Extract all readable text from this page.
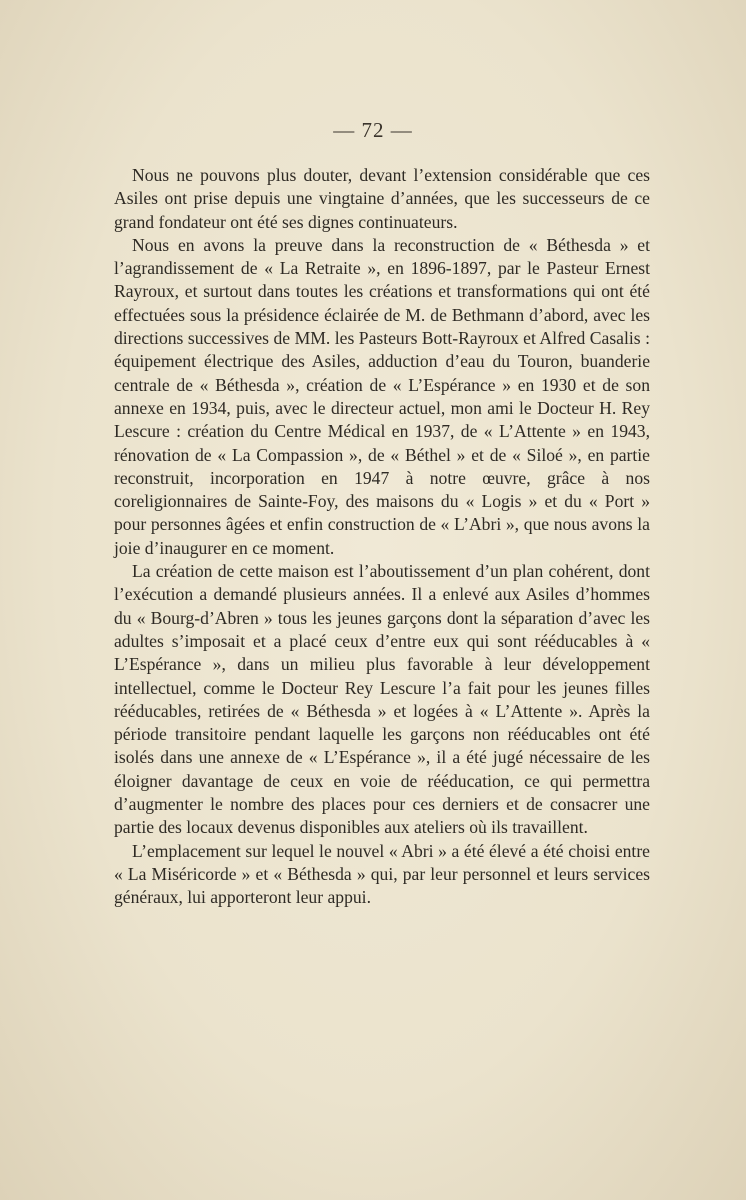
— 72 —

Nous ne pouvons plus douter, devant l’extension considérable que ces Asiles ont prise depuis une vingtaine d’années, que les successeurs de ce grand fondateur ont été ses dignes continuateurs.

Nous en avons la preuve dans la reconstruction de « Béthesda » et l’agrandissement de « La Retraite », en 1896-1897, par le Pasteur Ernest Rayroux, et surtout dans toutes les créations et transformations qui ont été effectuées sous la présidence éclairée de M. de Bethmann d’abord, avec les directions successives de MM. les Pasteurs Bott-Rayroux et Alfred Casalis : équipement électrique des Asiles, adduction d’eau du Touron, buanderie centrale de « Béthesda », création de « L’Espérance » en 1930 et de son annexe en 1934, puis, avec le directeur actuel, mon ami le Docteur H. Rey Lescure : création du Centre Médical en 1937, de « L’Attente » en 1943, rénovation de « La Compassion », de « Béthel » et de « Siloé », en partie reconstruit, incorporation en 1947 à notre œuvre, grâce à nos coreligionnaires de Sainte-Foy, des maisons du « Logis » et du « Port » pour personnes âgées et enfin construction de « L’Abri », que nous avons la joie d’inaugurer en ce moment.

La création de cette maison est l’aboutissement d’un plan cohérent, dont l’exécution a demandé plusieurs années. Il a enlevé aux Asiles d’hommes du « Bourg-d’Abren » tous les jeunes garçons dont la séparation d’avec les adultes s’imposait et a placé ceux d’entre eux qui sont rééducables à « L’Espérance », dans un milieu plus favorable à leur développement intellectuel, comme le Docteur Rey Lescure l’a fait pour les jeunes filles rééducables, retirées de « Béthesda » et logées à « L’Attente ». Après la période transitoire pendant laquelle les garçons non rééducables ont été isolés dans une annexe de « L’Espérance », il a été jugé nécessaire de les éloigner davantage de ceux en voie de rééducation, ce qui permettra d’augmenter le nombre des places pour ces derniers et de consacrer une partie des locaux devenus disponibles aux ateliers où ils travaillent.

L’emplacement sur lequel le nouvel « Abri » a été élevé a été choisi entre « La Miséricorde » et « Béthesda » qui, par leur personnel et leurs services généraux, lui apporteront leur appui.
